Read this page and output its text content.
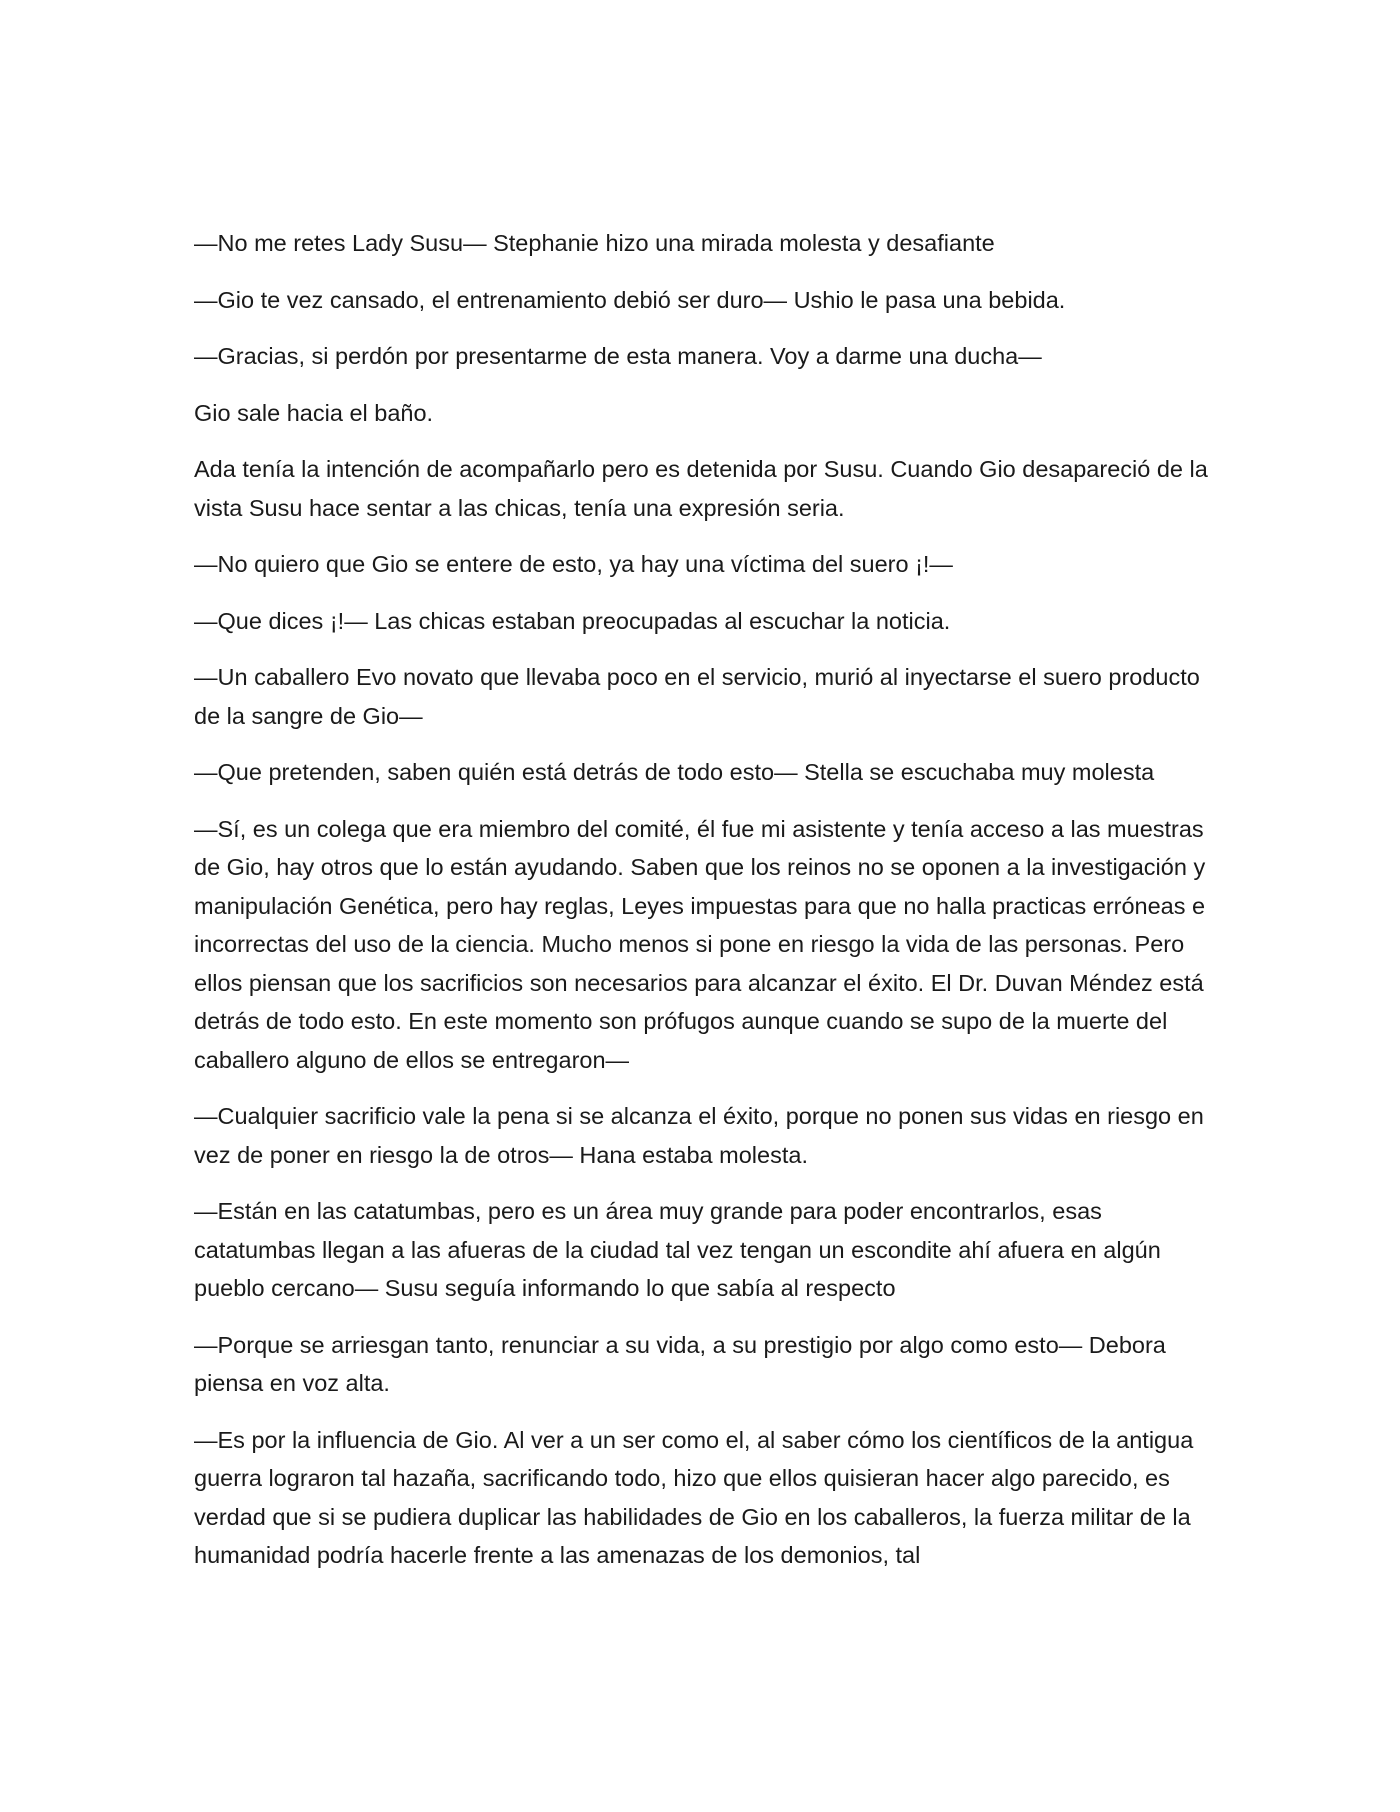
—No me retes Lady Susu— Stephanie hizo una mirada molesta y desafiante

—Gio te vez cansado, el entrenamiento debió ser duro— Ushio le pasa una bebida.

—Gracias, si perdón por presentarme de esta manera. Voy a darme una ducha—

Gio sale hacia el baño.

Ada tenía la intención de acompañarlo pero es detenida por Susu. Cuando Gio desapareció de la vista Susu hace sentar a las chicas, tenía una expresión seria.

—No quiero que Gio se entere de esto, ya hay una víctima del suero ¡!—

—Que dices ¡!— Las chicas estaban preocupadas al escuchar la noticia.

—Un caballero Evo novato que llevaba poco en el servicio, murió al inyectarse el suero producto de la sangre de Gio—

—Que pretenden, saben quién está detrás de todo esto— Stella se escuchaba muy molesta

—Sí, es un colega que era miembro del comité, él fue mi asistente y tenía acceso a las muestras de Gio, hay otros que lo están ayudando. Saben que los reinos no se oponen a la investigación y manipulación Genética, pero hay reglas, Leyes impuestas para que no halla practicas erróneas e incorrectas del uso de la ciencia. Mucho menos si pone en riesgo la vida de las personas. Pero ellos piensan que los sacrificios son necesarios para alcanzar el éxito. El Dr. Duvan Méndez está detrás de todo esto. En este momento son prófugos aunque cuando se supo de la muerte del caballero alguno de ellos se entregaron—

—Cualquier sacrificio vale la pena si se alcanza el éxito, porque no ponen sus vidas en riesgo en vez de poner en riesgo la de otros— Hana estaba molesta.

—Están en las catatumbas, pero es un área muy grande para poder encontrarlos, esas catatumbas llegan a las afueras de la ciudad tal vez tengan un escondite ahí afuera en algún pueblo cercano— Susu seguía informando lo que sabía al respecto

—Porque se arriesgan tanto, renunciar a su vida, a su prestigio por algo como esto— Debora piensa en voz alta.

—Es por la influencia de Gio. Al ver a un ser como el, al saber cómo los científicos de la antigua guerra lograron tal hazaña, sacrificando todo, hizo que ellos quisieran hacer algo parecido, es verdad que si se pudiera duplicar las habilidades de Gio en los caballeros, la fuerza militar de la humanidad podría hacerle frente a las amenazas de los demonios, tal
